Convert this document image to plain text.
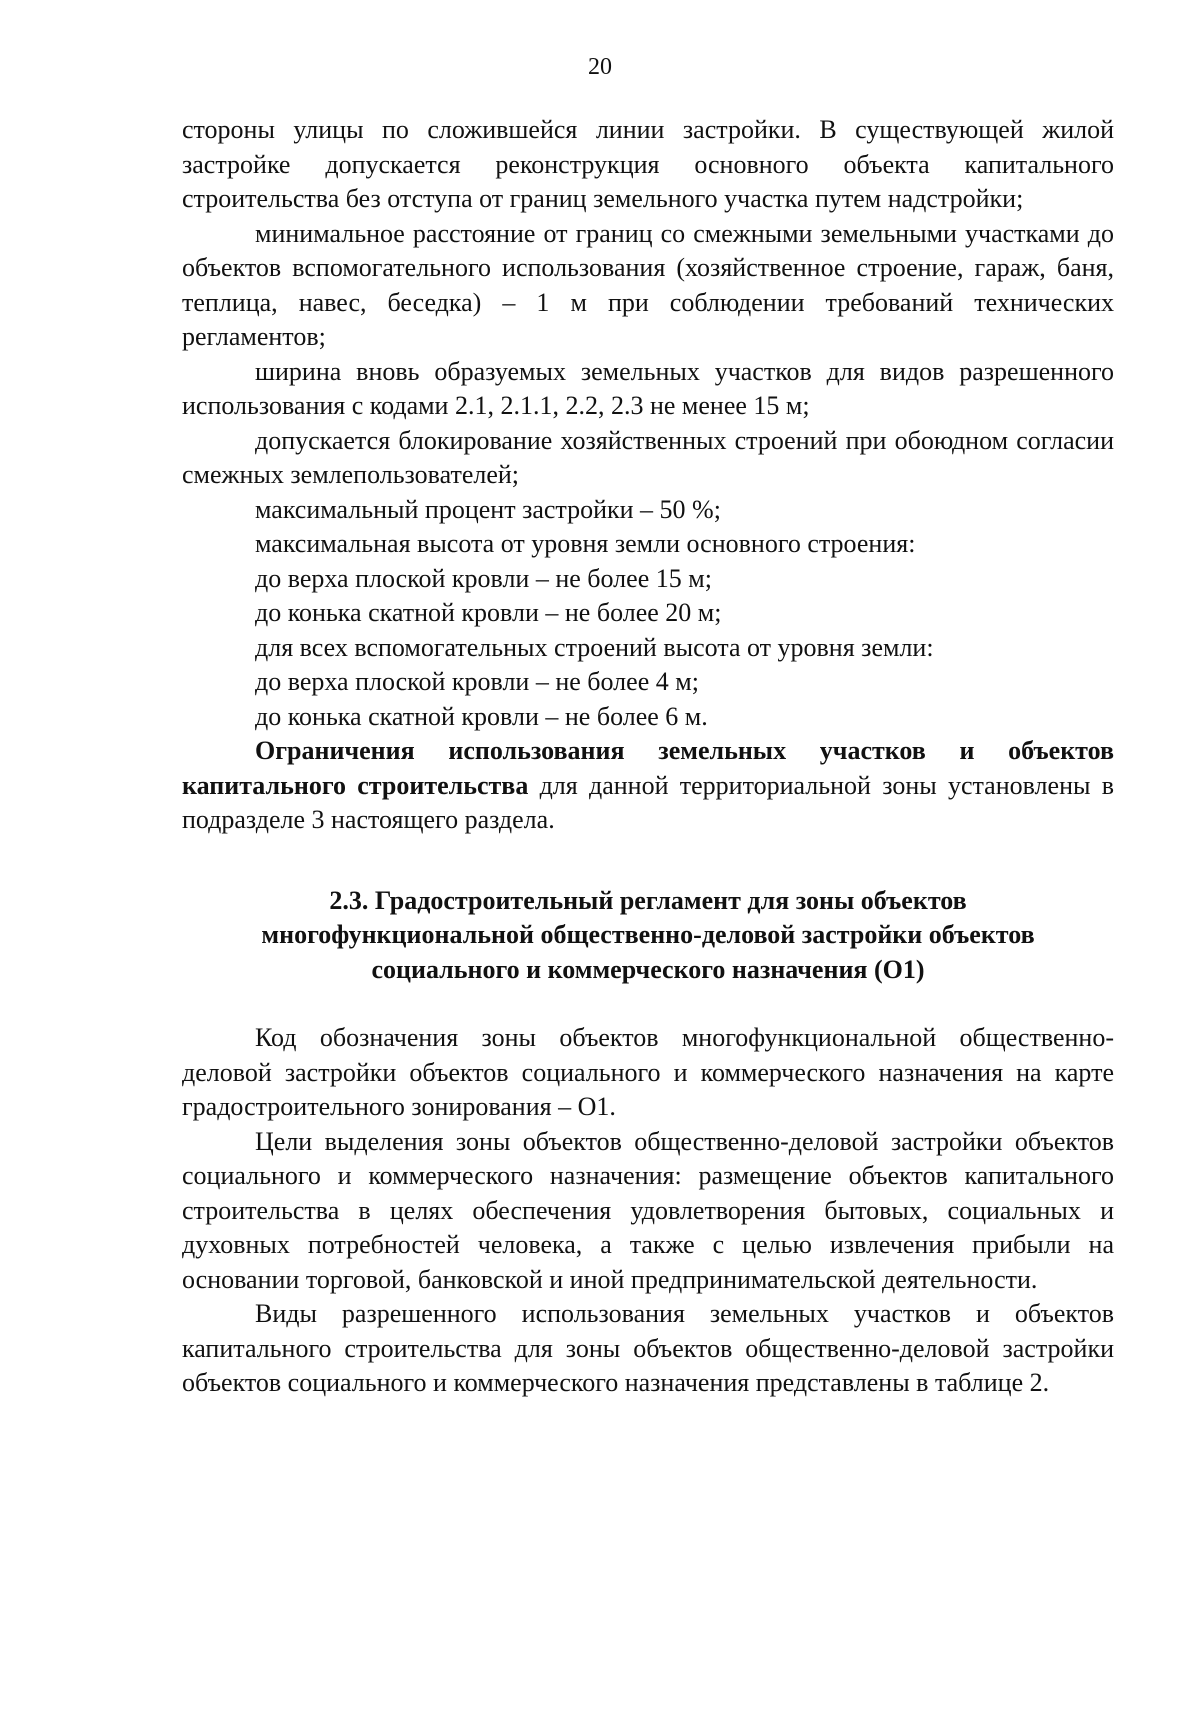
20

стороны улицы по сложившейся линии застройки. В существующей жилой застройке допускается реконструкция основного объекта капитального строительства без отступа от границ земельного участка путем надстройки;

минимальное расстояние от границ со смежными земельными участками до объектов вспомогательного использования (хозяйственное строение, гараж, баня, теплица, навес, беседка) – 1 м при соблюдении требований технических регламентов;

ширина вновь образуемых земельных участков для видов разрешенного использования с кодами 2.1, 2.1.1, 2.2, 2.3 не менее 15 м;

допускается блокирование хозяйственных строений при обоюдном согласии смежных землепользователей;

максимальный процент застройки – 50 %;

максимальная высота от уровня земли основного строения:

до верха плоской кровли – не более 15 м;

до конька скатной кровли – не более 20 м;

для всех вспомогательных строений высота от уровня земли:

до верха плоской кровли – не более 4 м;

до конька скатной кровли – не более 6 м.

Ограничения использования земельных участков и объектов капитального строительства для данной территориальной зоны установлены в подразделе 3 настоящего раздела.

2.3. Градостроительный регламент для зоны объектов многофункциональной общественно-деловой застройки объектов социального и коммерческого назначения (О1)

Код обозначения зоны объектов многофункциональной общественно-деловой застройки объектов социального и коммерческого назначения на карте градостроительного зонирования – О1.

Цели выделения зоны объектов общественно-деловой застройки объектов социального и коммерческого назначения: размещение объектов капитального строительства в целях обеспечения удовлетворения бытовых, социальных и духовных потребностей человека, а также с целью извлечения прибыли на основании торговой, банковской и иной предпринимательской деятельности.

Виды разрешенного использования земельных участков и объектов капитального строительства для зоны объектов общественно-деловой застройки объектов социального и коммерческого назначения представлены в таблице 2.
